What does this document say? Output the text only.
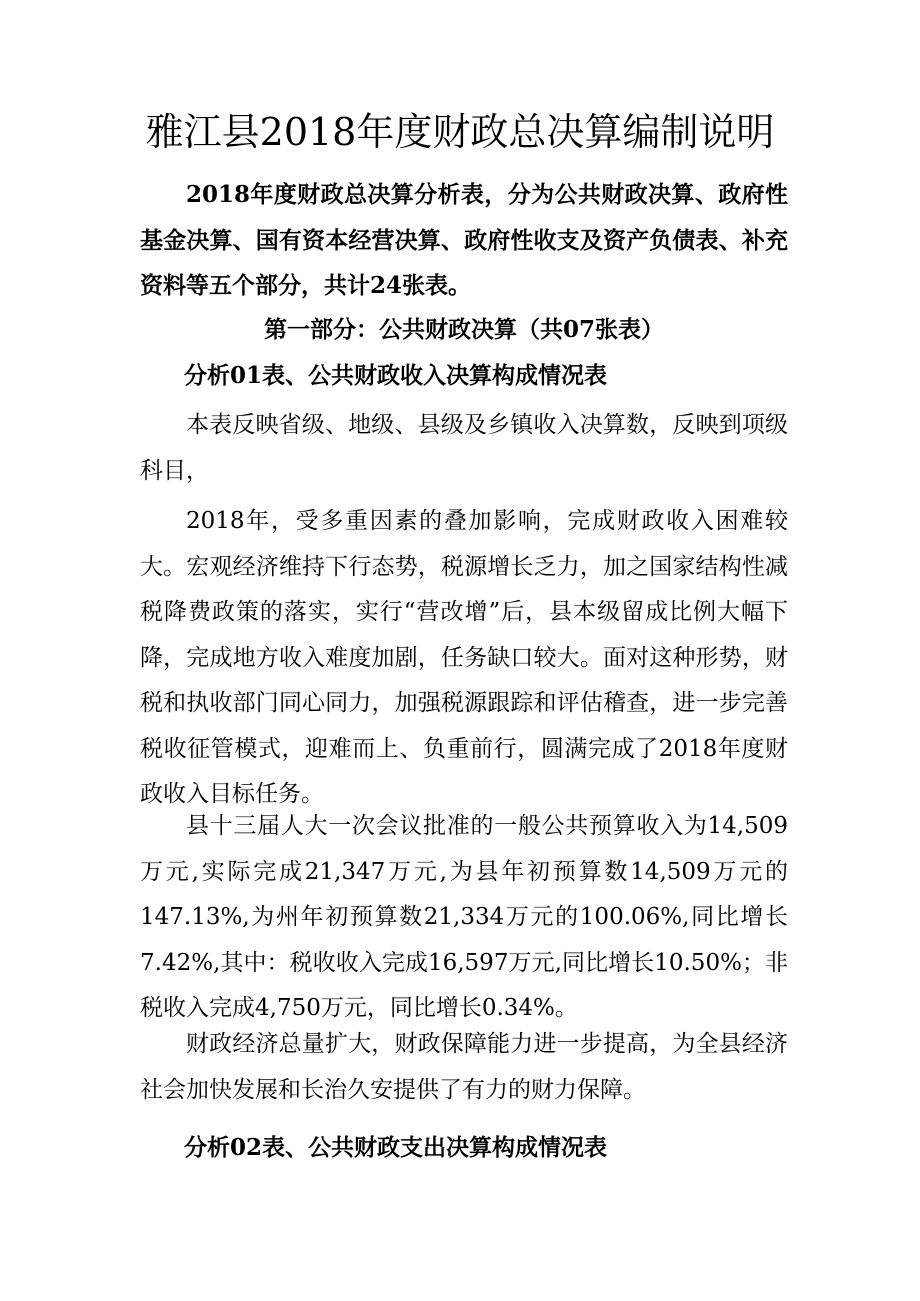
雅江县2018年度财政总决算编制说明

2018年度财政总决算分析表，分为公共财政决算、政府性基金决算、国有资本经营决算、政府性收支及资产负债表、补充资料等五个部分，共计24张表。

第一部分：公共财政决算（共07张表）
分析01表、公共财政收入决算构成情况表

本表反映省级、地级、县级及乡镇收入决算数，反映到项级科目，

2018年，受多重因素的叠加影响，完成财政收入困难较大。宏观经济维持下行态势，税源增长乏力，加之国家结构性减税降费政策的落实，实行“营改增”后，县本级留成比例大幅下降，完成地方收入难度加剧，任务缺口较大。面对这种形势，财税和执收部门同心同力，加强税源跟踪和评估稽查，进一步完善税收征管模式，迎难而上、负重前行，圆满完成了2018年度财政收入目标任务。

县十三届人大一次会议批准的一般公共预算收入为14,509万元,实际完成21,347万元,为县年初预算数14,509万元的147.13%,为州年初预算数21,334万元的100.06%,同比增长7.42%,其中：税收收入完成16,597万元,同比增长10.50%；非税收入完成4,750万元，同比增长0.34%。

财政经济总量扩大，财政保障能力进一步提高，为全县经济社会加快发展和长治久安提供了有力的财力保障。

分析02表、公共财政支出决算构成情况表
